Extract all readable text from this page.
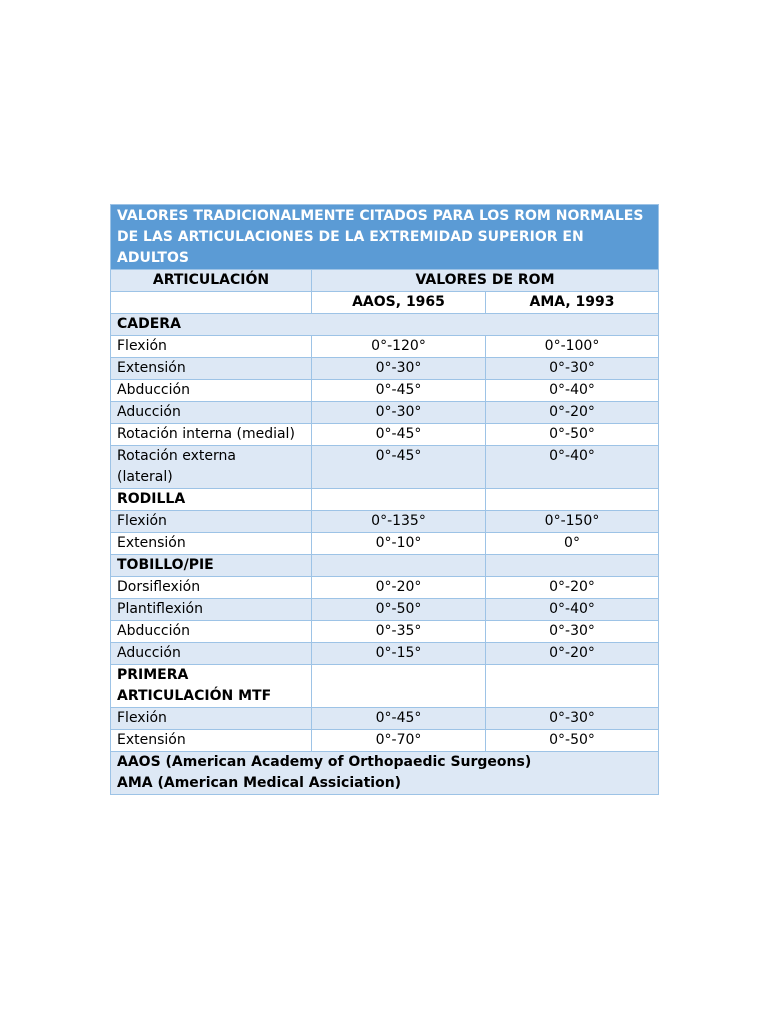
VALORES TRADICIONALMENTE CITADOS PARA LOS ROM NORMALES
DE LAS ARTICULACIONES DE LA EXTREMIDAD SUPERIOR EN ADULTOS		

ARTICULACIÓN	VALORES DE ROM	
	AAOS, 1965	AMA, 1993
CADERA		
Flexión	0°-120°	0°-100°
Extensión	0°-30°	0°-30°
Abducción	0°-45°	0°-40°
Aducción	0°-30°	0°-20°
Rotación interna (medial)	0°-45°	0°-50°

Rotación externa
(lateral)	0°-45°	0°-40°
RODILLA		
Flexión	0°-135°	0°-150°
Extensión	0°-10°	0°
TOBILLO/PIE		
Dorsiflexión	0°-20°	0°-20°
Plantiflexión	0°-50°	0°-40°
Abducción	0°-35°	0°-30°
Aducción	0°-15°	0°-20°

PRIMERA
ARTICULACIÓN MTF		

Flexión	0°-45°	0°-30°
Extensión	0°-70°	0°-50°

AAOS (American Academy of Orthopaedic Surgeons)
AMA (American Medical Assiciation)		
